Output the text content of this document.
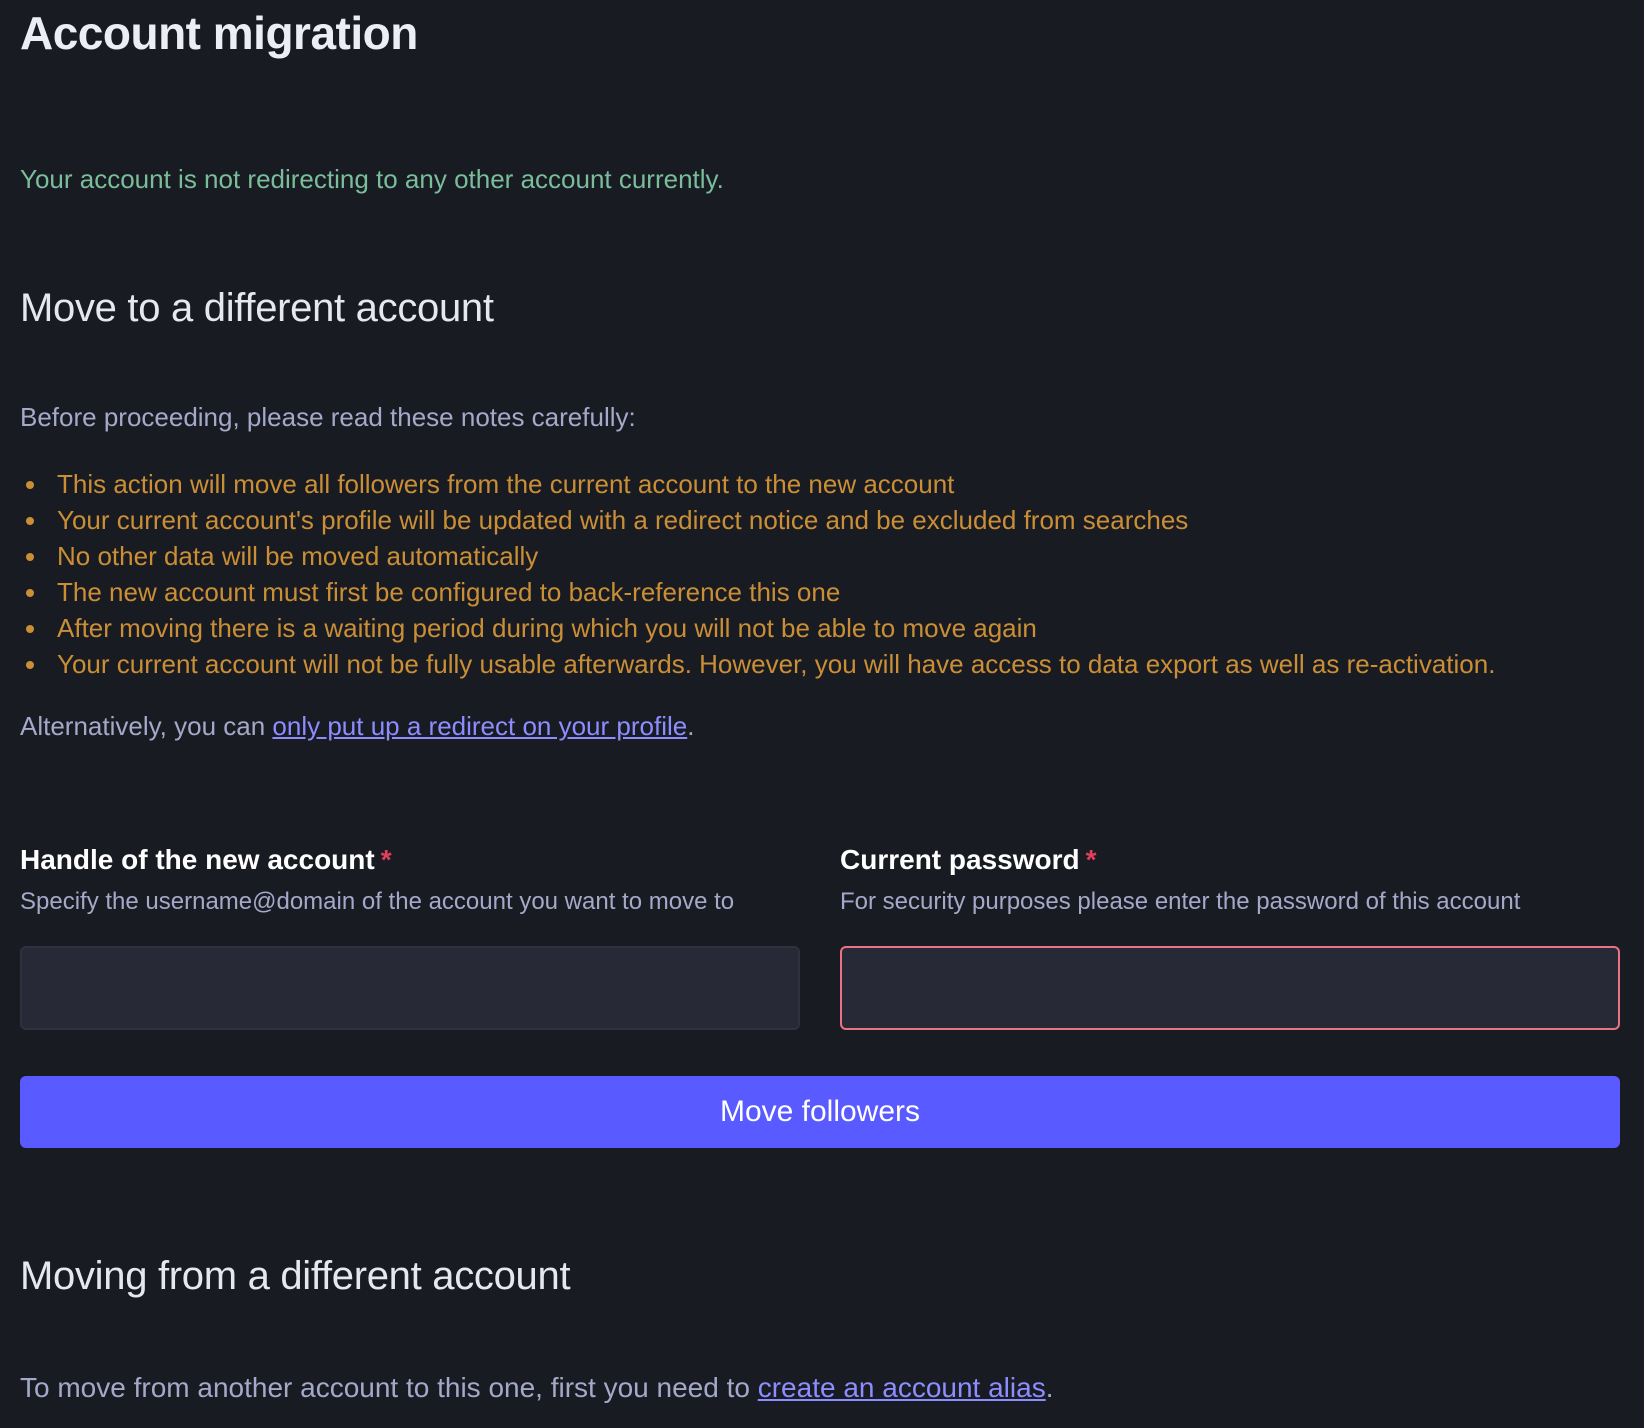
Account migration

Your account is not redirecting to any other account currently.

Move to a different account

Before proceeding, please read these notes carefully:

This action will move all followers from the current account to the new account
Your current account's profile will be updated with a redirect notice and be excluded from searches
No other data will be moved automatically
The new account must first be configured to back-reference this one
After moving there is a waiting period during which you will not be able to move again
Your current account will not be fully usable afterwards. However, you will have access to data export as well as re-activation.

Alternatively, you can only put up a redirect on your profile.

Handle of the new account *
Specify the username@domain of the account you want to move to
Current password *
For security purposes please enter the password of this account
Move followers
Moving from a different account

To move from another account to this one, first you need to create an account alias.
